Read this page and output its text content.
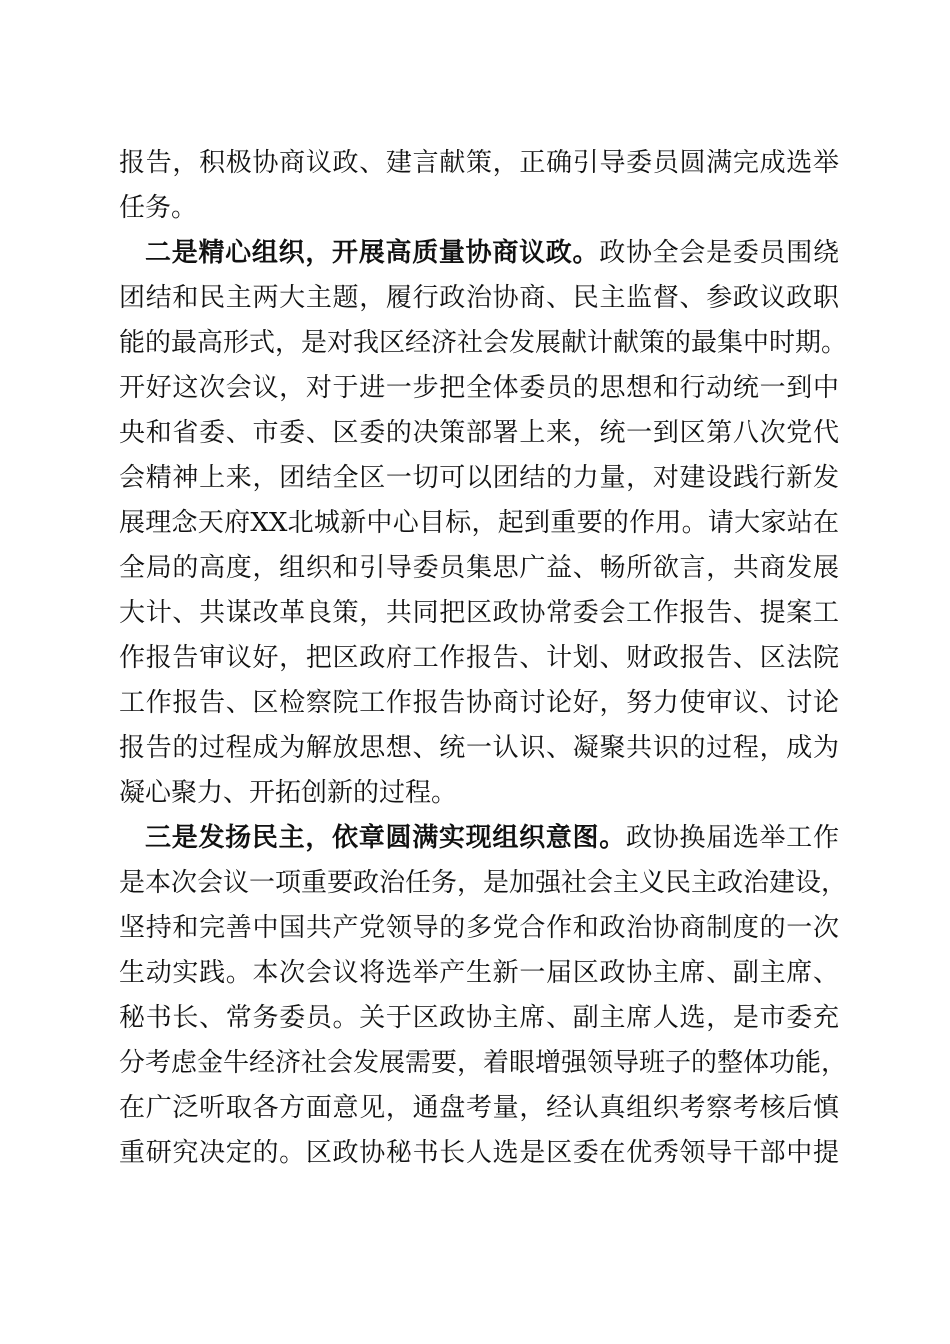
报告，积极协商议政、建言献策，正确引导委员圆满完成选举
任务。
二是精心组织，开展高质量协商议政。政协全会是委员围绕
团结和民主两大主题，履行政治协商、民主监督、参政议政职
能的最高形式，是对我区经济社会发展献计献策的最集中时期。
开好这次会议，对于进一步把全体委员的思想和行动统一到中
央和省委、市委、区委的决策部署上来，统一到区第八次党代
会精神上来，团结全区一切可以团结的力量，对建设践行新发
展理念天府XX北城新中心目标，起到重要的作用。请大家站在
全局的高度，组织和引导委员集思广益、畅所欲言，共商发展
大计、共谋改革良策，共同把区政协常委会工作报告、提案工
作报告审议好，把区政府工作报告、计划、财政报告、区法院
工作报告、区检察院工作报告协商讨论好，努力使审议、讨论
报告的过程成为解放思想、统一认识、凝聚共识的过程，成为
凝心聚力、开拓创新的过程。
三是发扬民主，依章圆满实现组织意图。政协换届选举工作
是本次会议一项重要政治任务，是加强社会主义民主政治建设，
坚持和完善中国共产党领导的多党合作和政治协商制度的一次
生动实践。本次会议将选举产生新一届区政协主席、副主席、
秘书长、常务委员。关于区政协主席、副主席人选，是市委充
分考虑金牛经济社会发展需要，着眼增强领导班子的整体功能，
在广泛听取各方面意见，通盘考量，经认真组织考察考核后慎
重研究决定的。区政协秘书长人选是区委在优秀领导干部中提
